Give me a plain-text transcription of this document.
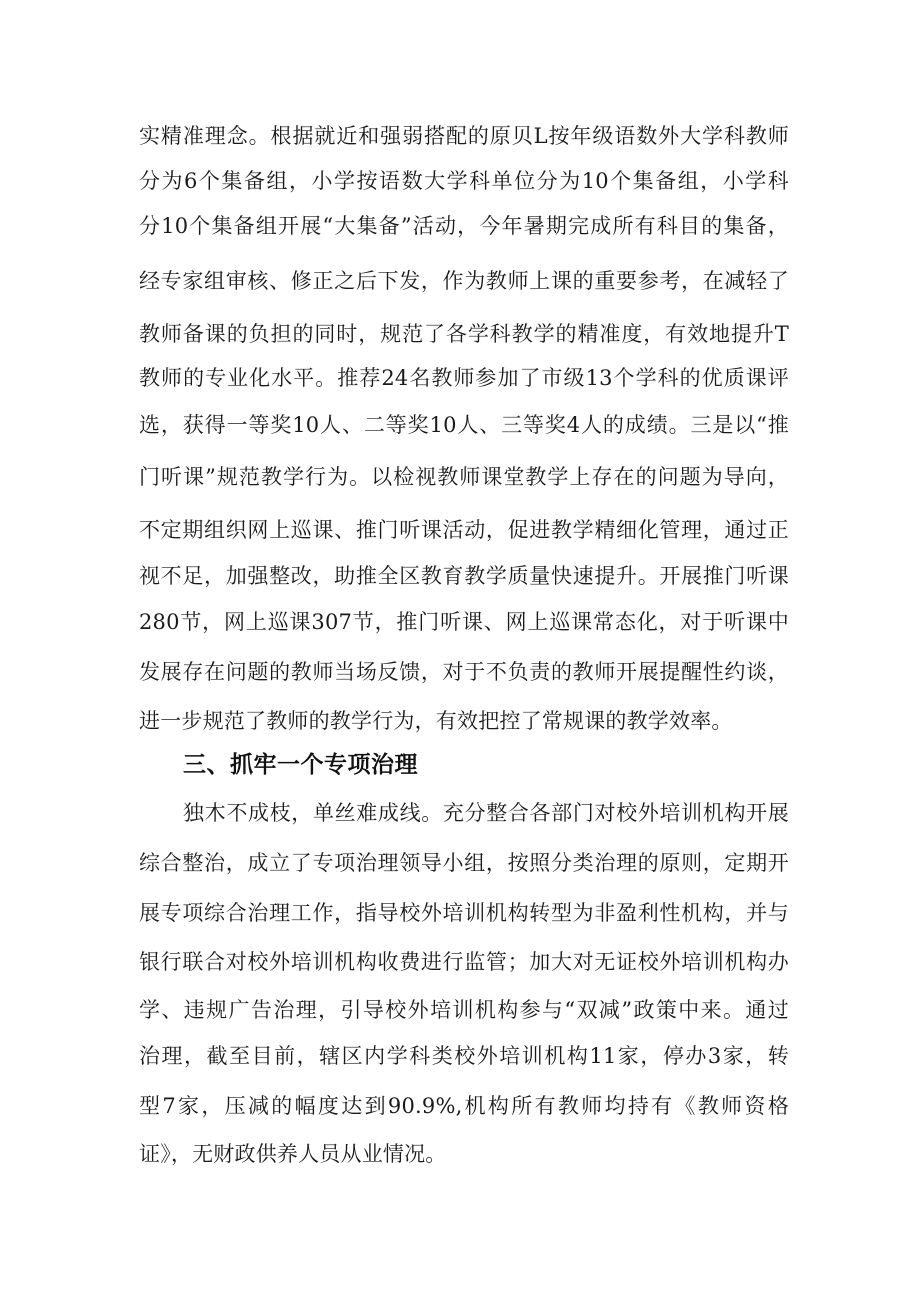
实精准理念。根据就近和强弱搭配的原贝L按年级语数外大学科教师
分为6个集备组，小学按语数大学科单位分为10个集备组，小学科
分10个集备组开展“大集备”活动，今年暑期完成所有科目的集备，
经专家组审核、修正之后下发，作为教师上课的重要参考，在减轻了
教师备课的负担的同时，规范了各学科教学的精准度，有效地提升T
教师的专业化水平。推荐24名教师参加了市级13个学科的优质课评
选，获得一等奖10人、二等奖10人、三等奖4人的成绩。三是以“推
门听课”规范教学行为。以检视教师课堂教学上存在的问题为导向，
不定期组织网上巡课、推门听课活动，促进教学精细化管理，通过正
视不足，加强整改，助推全区教育教学质量快速提升。开展推门听课
280节，网上巡课307节，推门听课、网上巡课常态化，对于听课中
发展存在问题的教师当场反馈，对于不负责的教师开展提醒性约谈，
进一步规范了教师的教学行为，有效把控了常规课的教学效率。
三、抓牢一个专项治理
独木不成枝，单丝难成线。充分整合各部门对校外培训机构开展
综合整治，成立了专项治理领导小组，按照分类治理的原则，定期开
展专项综合治理工作，指导校外培训机构转型为非盈利性机构，并与
银行联合对校外培训机构收费进行监管；加大对无证校外培训机构办
学、违规广告治理，引导校外培训机构参与“双减”政策中来。通过
治理，截至目前，辖区内学科类校外培训机构11家，停办3家，转
型7家，压减的幅度达到90.9%,机构所有教师均持有《教师资格
证》，无财政供养人员从业情况。
